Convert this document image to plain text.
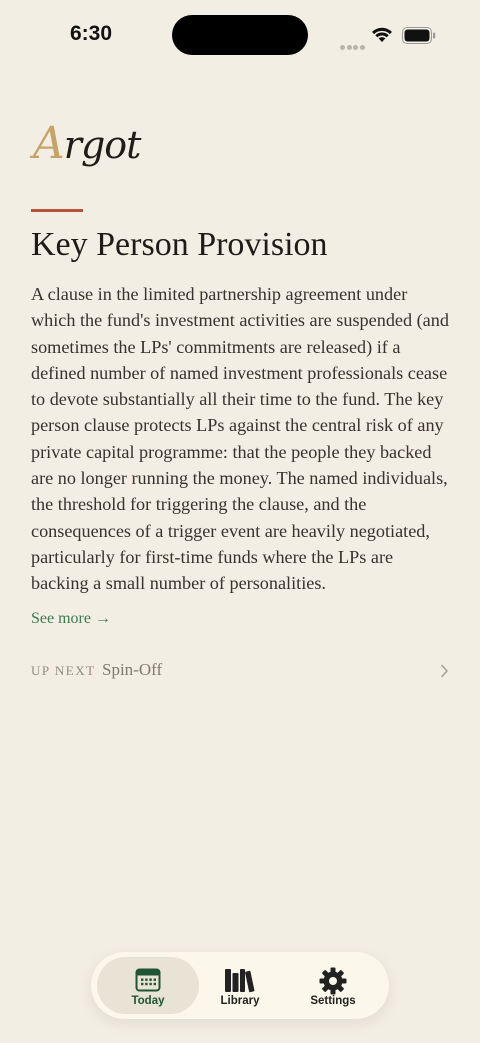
6:30
Argot
Key Person Provision

A clause in the limited partnership agreement under which the fund's investment activities are suspended (and sometimes the LPs' commitments are released) if a defined number of named investment professionals cease to devote substantially all their time to the fund. The key person clause protects LPs against the central risk of any private capital programme: that the people they backed are no longer running the money. The named individuals, the threshold for triggering the clause, and the consequences of a trigger event are heavily negotiated, particularly for first-time funds where the LPs are backing a small number of personalities.

See more →
UP NEXT Spin-Off
Today	Library	Settings
